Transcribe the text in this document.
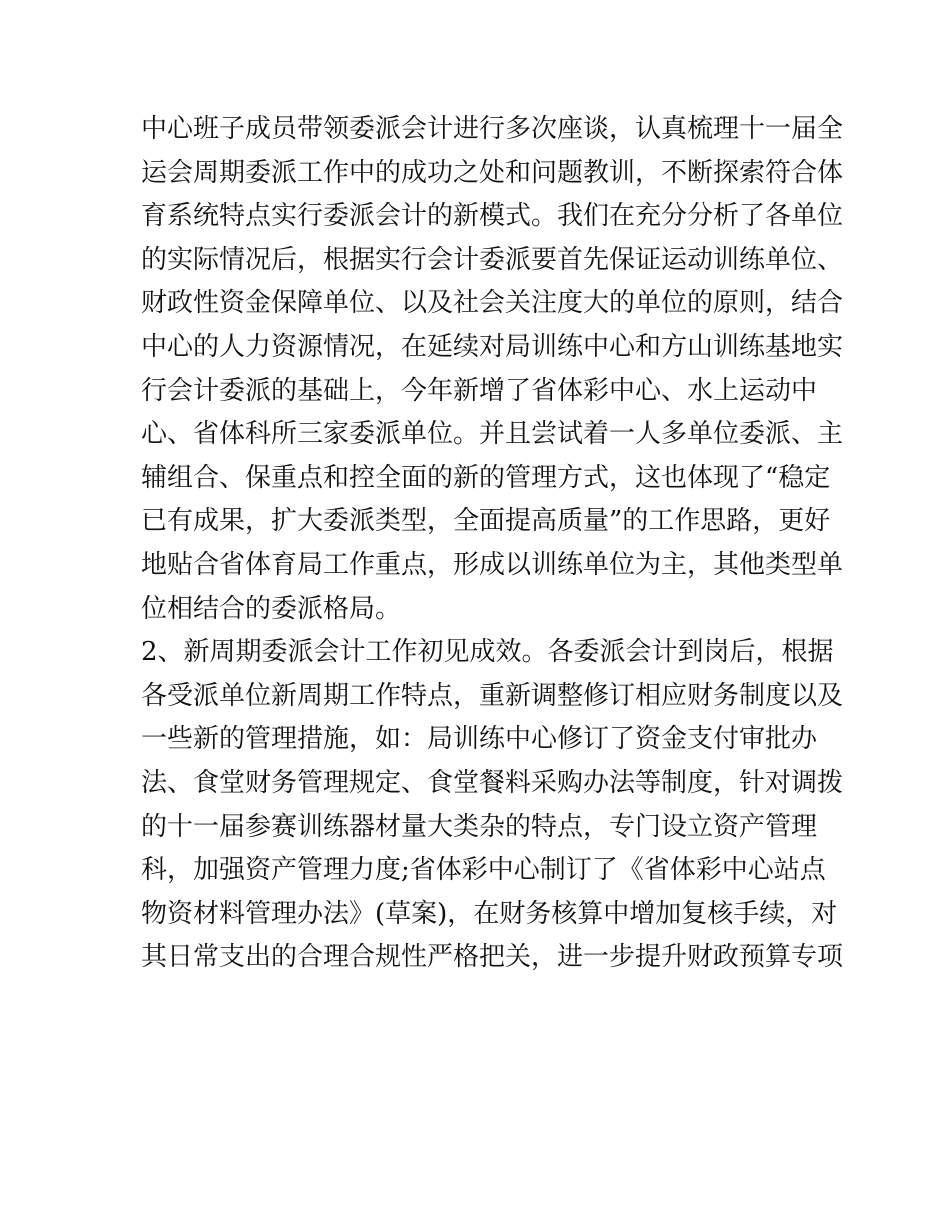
中心班子成员带领委派会计进行多次座谈，认真梳理十一届全
运会周期委派工作中的成功之处和问题教训，不断探索符合体
育系统特点实行委派会计的新模式。我们在充分分析了各单位
的实际情况后，根据实行会计委派要首先保证运动训练单位、
财政性资金保障单位、以及社会关注度大的单位的原则，结合
中心的人力资源情况，在延续对局训练中心和方山训练基地实
行会计委派的基础上，今年新增了省体彩中心、水上运动中
心、省体科所三家委派单位。并且尝试着一人多单位委派、主
辅组合、保重点和控全面的新的管理方式，这也体现了“稳定
已有成果，扩大委派类型，全面提高质量”的工作思路，更好
地贴合省体育局工作重点，形成以训练单位为主，其他类型单
位相结合的委派格局。
2、新周期委派会计工作初见成效。各委派会计到岗后，根据
各受派单位新周期工作特点，重新调整修订相应财务制度以及
一些新的管理措施，如：局训练中心修订了资金支付审批办
法、食堂财务管理规定、食堂餐料采购办法等制度，针对调拨
的十一届参赛训练器材量大类杂的特点，专门设立资产管理
科，加强资产管理力度;省体彩中心制订了《省体彩中心站点
物资材料管理办法》(草案)，在财务核算中增加复核手续，对
其日常支出的合理合规性严格把关，进一步提升财政预算专项
